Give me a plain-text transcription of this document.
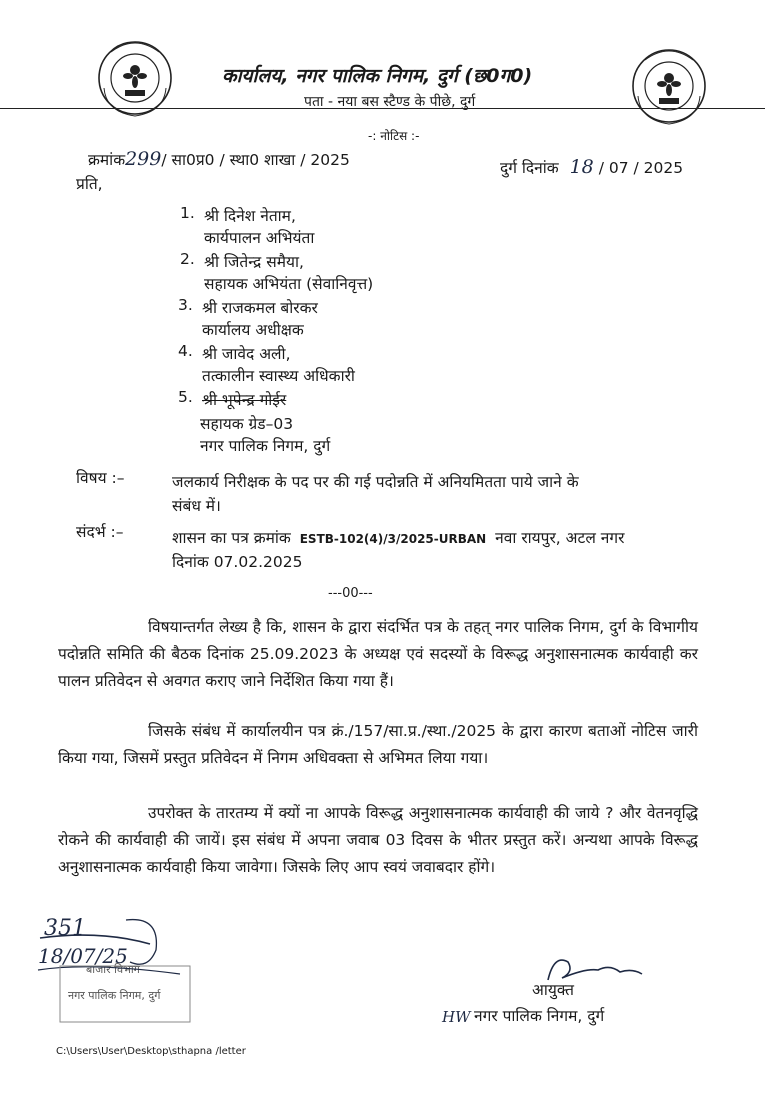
कार्यालय, नगर पालिक निगम, दुर्ग (छ0ग0)
पता - नया बस स्टैण्ड के पीछे, दुर्ग
-: नोटिस :-
क्रमांक299/ सा0प्र0 / स्था0 शाखा / 2025	दुर्ग दिनांक 18 / 07 / 2025
प्रति,
1. श्री दिनेश नेताम,
कार्यपालन अभियंता
2. श्री जितेन्द्र समैया,
सहायक अभियंता (सेवानिवृत्त)
3. श्री राजकमल बोरकर
कार्यालय अधीक्षक
4. श्री जावेद अली,
तत्कालीन स्वास्थ्य अधिकारी
5. श्री भूपेन्द्र गोईर
सहायक ग्रेड–03
नगर पालिक निगम, दुर्ग
विषय :–	जलकार्य निरीक्षक के पद पर की गई पदोन्नति में अनियमितता पाये जाने के
संबंध में।
संदर्भ :–	शासन का पत्र क्रमांक ESTB-102(4)/3/2025-URBAN नवा रायपुर, अटल नगर
दिनांक 07.02.2025
---00---
विषयान्तर्गत लेख्य है कि, शासन के द्वारा संदर्भित पत्र के तहत् नगर पालिक निगम, दुर्ग के विभागीय पदोन्नति समिति की बैठक दिनांक 25.09.2023 के अध्यक्ष एवं सदस्यों के विरूद्ध अनुशासनात्मक कार्यवाही कर पालन प्रतिवेदन से अवगत कराए जाने निर्देशित किया गया हैं।
जिसके संबंध में कार्यालयीन पत्र क्रं./157/सा.प्र./स्था./2025 के द्वारा कारण बताओं नोटिस जारी किया गया, जिसमें प्रस्तुत प्रतिवेदन में निगम अधिवक्ता से अभिमत लिया गया।
उपरोक्त के तारतम्य में क्यों ना आपके विरूद्ध अनुशासनात्मक कार्यवाही की जाये ? और वेतनवृद्धि रोकने की कार्यवाही की जायें। इस संबंध में अपना जवाब 03 दिवस के भीतर प्रस्तुत करें। अन्यथा आपके विरूद्ध अनुशासनात्मक कार्यवाही किया जावेगा। जिसके लिए आप स्वयं जवाबदार होंगे।
351
18/07/25
बाजार विभाग
नगर पालिक निगम, दुर्ग	आयुक्त
HW नगर पालिक निगम, दुर्ग
C:\Users\User\Desktop\sthapna /letter
